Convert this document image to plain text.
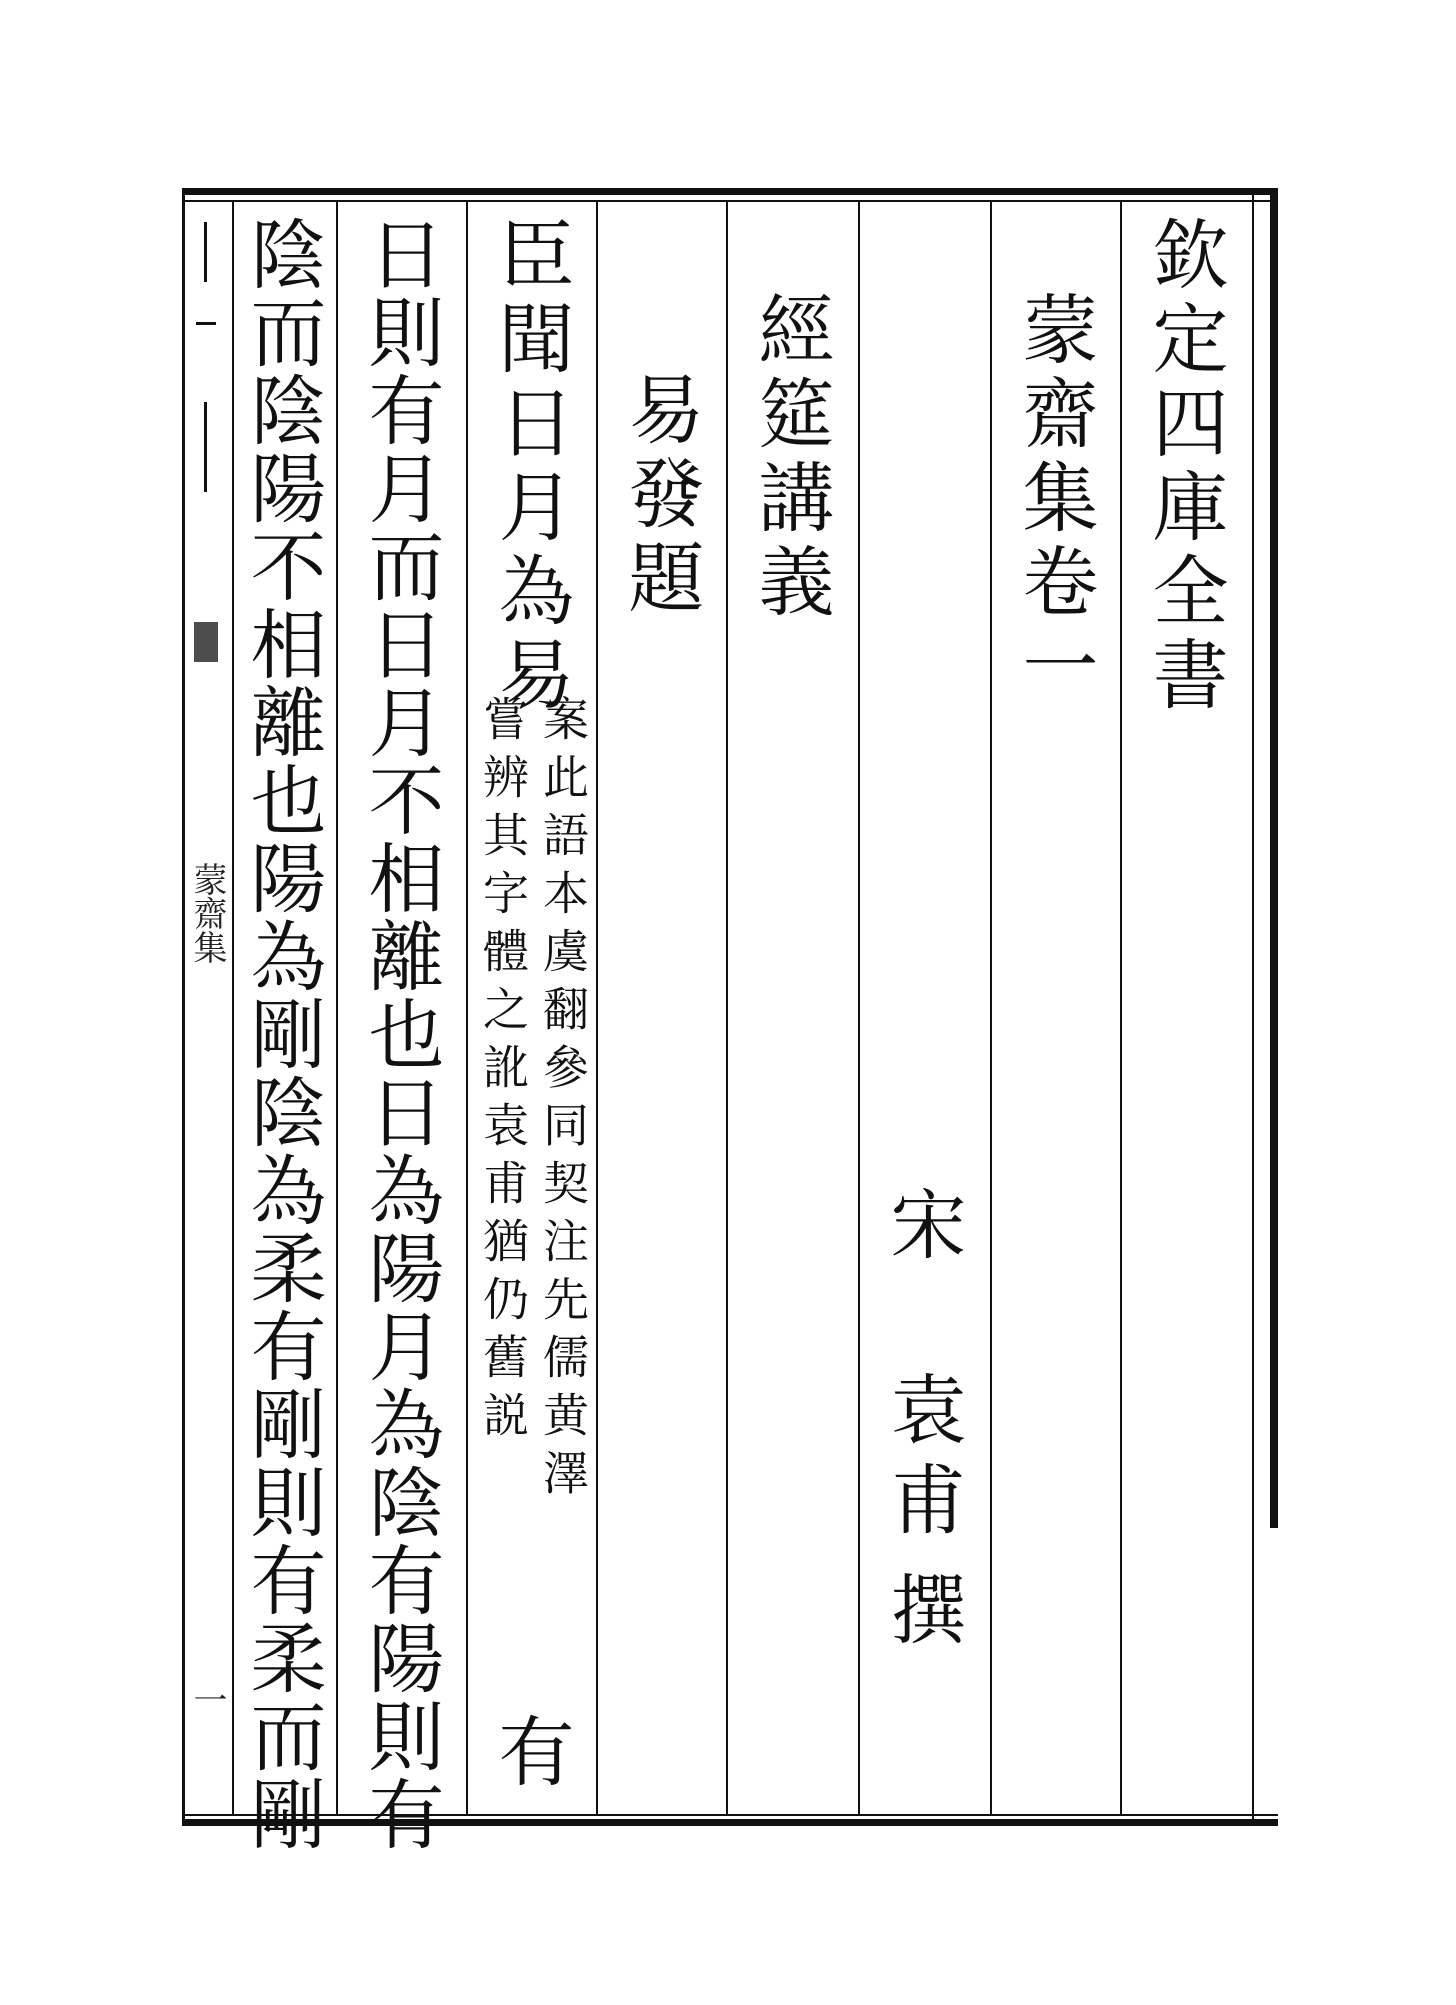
欽定四庫全書
蒙齋集卷一
宋
袁甫
撰
經筵講義
易發題
臣聞日月為易
案此語本虞翻參同契注先儒黄澤
嘗辨其字體之訛袁甫猶仍舊説
有
日則有月而日月不相離也日為陽月為陰有陽則有
陰而陰陽不相離也陽為剛陰為柔有剛則有柔而剛
蒙齋集
一
